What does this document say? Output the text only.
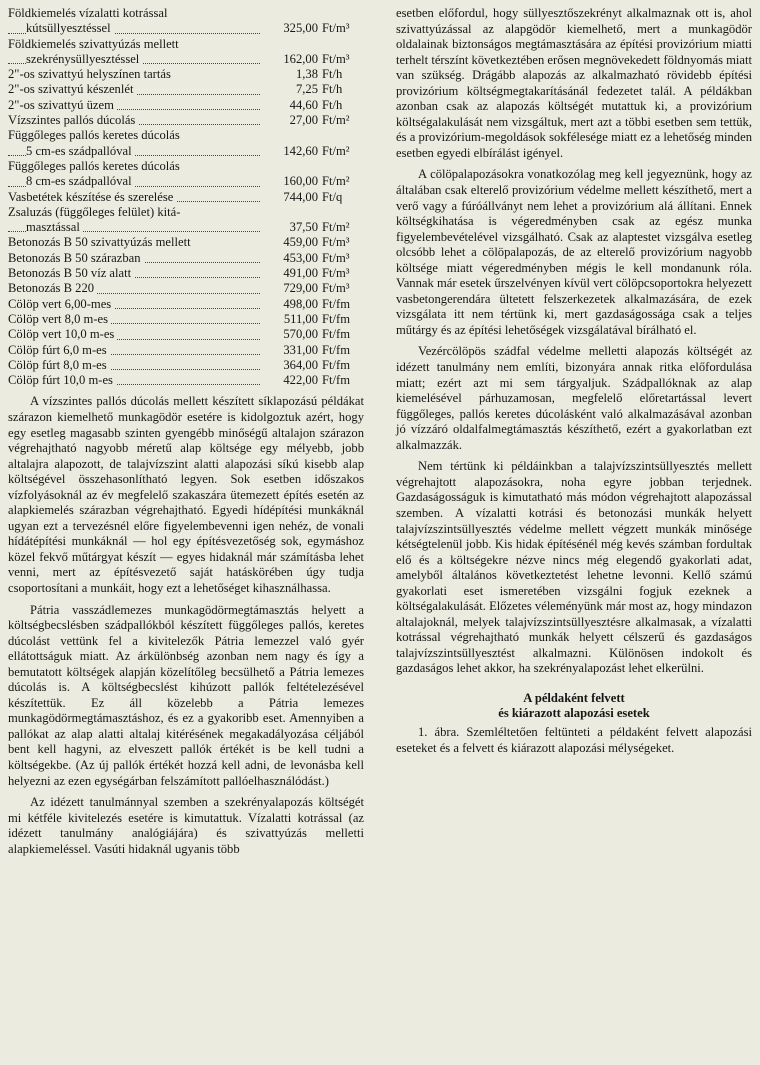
Földkiemelés vízalatti kotrással
kútsüllyesztéssel	325,00 Ft/m³
Földkiemelés szivattyúzás mellett
szekrénysüllyesztéssel	162,00 Ft/m³
2"-os szivattyú helyszínen tartás	1,38 Ft/h
2"-os szivattyú készenlét	7,25 Ft/h
2"-os szivattyú üzem	44,60 Ft/h
Vízszintes pallós dúcolás	27,00 Ft/m²
Függőleges pallós keretes dúcolás
5 cm-es szádpallóval	142,60 Ft/m²
Függőleges pallós keretes dúcolás
8 cm-es szádpallóval	160,00 Ft/m²
Vasbetétek készítése és szerelése	744,00 Ft/q
Zsaluzás (függőleges felület) kitá-
masztással	37,50 Ft/m²
Betonozás B 50 szivattyúzás mellett	459,00 Ft/m³
Betonozás B 50 szárazban	453,00 Ft/m³
Betonozás B 50 víz alatt	491,00 Ft/m³
Betonozás B 220	729,00 Ft/m³
Cölöp vert 6,00-mes	498,00 Ft/fm
Cölöp vert 8,0 m-es	511,00 Ft/fm
Cölöp vert 10,0 m-es	570,00 Ft/fm
Cölöp fúrt 6,0 m-es	331,00 Ft/fm
Cölöp fúrt 8,0 m-es	364,00 Ft/fm
Cölöp fúrt 10,0 m-es	422,00 Ft/fm

A vízszintes pallós dúcolás mellett készített síklapozású példákat szárazon kiemelhető munkagödör esetére is kidolgoztuk azért, hogy egy esetleg magasabb szinten gyengébb minőségű altalajon szárazon végrehajtható nagyobb méretű alap költsége egy mélyebb, jobb altalajra alapozott, de talajvízszint alatti alapozási síkú kisebb alap költségével összehasonlítható legyen. Sok esetben időszakos vízfolyásoknál az év megfelelő szakaszára ütemezett építés esetén az alapkiemelés szárazban végrehajtható. Egyedi hídépítési munkáknál ugyan ezt a tervezésnél előre figyelembevenni igen nehéz, de vonali hídátépítési munkáknál — hol egy építésvezetőség sok, egymáshoz közel fekvő műtárgyat készít — egyes hidaknál már számításba lehet venni, mert az építésvezető saját hatáskörében úgy tudja csoportosítani a munkáit, hogy ezt a lehetőséget kihasználhassa.

Pátria vasszádlemezes munkagödörmegtámasztás helyett a költségbecslésben szádpallókból készített függőleges pallós, keretes dúcolást vettünk fel a kivitelezők Pátria lemezzel való gyér ellátottságuk miatt. Az árkülönbség azonban nem nagy és így a bemutatott költségek alapján közelítőleg becsülhető a Pátria lemezes dúcolás is. A költségbecslést kihúzott pallók feltételezésével készítettük. Ez áll közelebb a Pátria lemezes munkagödörmegtámasztáshoz, és ez a gyakoribb eset. Amennyiben a pallókat az alap alatti altalaj kitérésének megakadályozása céljából bent kell hagyni, az elveszett pallók értékét is be kell tudni a költségekbe. (Az új pallók értékét hozzá kell adni, de levonásba kell helyezni az ezen egységárban felszámított pallóelhasználódást.)

Az idézett tanulmánnyal szemben a szekrényalapozás költségét mi kétféle kivitelezés esetére is kimutattuk. Vízalatti kotrással (az idézett tanulmány analógiájára) és szivattyúzás melletti alapkiemeléssel. Vasúti hidaknál ugyanis több

esetben előfordul, hogy süllyesztőszekrényt alkalmaznak ott is, ahol szivattyúzással az alapgödör kiemelhető, mert a munkagödör oldalainak biztonságos megtámasztására az építési provizórium miatti terhelt térszínt következtében erősen megnövekedett földnyomás miatt van szükség. Drágább alapozás az alkalmazható rövidebb építési provizórium költségmegtakarításánál fedezetet talál. A példákban azonban csak az alapozás költségét mutattuk ki, a provizórium költségalakulását nem vizsgáltuk, mert azt a többi esetben sem tettük, és a provizórium-megoldások sokfélesége miatt ez a lehetőség minden esetben egyedi elbírálást igényel.

A cölöpalapozásokra vonatkozólag meg kell jegyeznünk, hogy az általában csak elterelő provizórium védelme mellett készíthető, mert a verő vagy a fúróállványt nem lehet a provizórium alá állítani. Ennek költségkihatása is végeredményben csak az egész munka figyelembevételével vizsgálható. Csak az alaptestet vizsgálva esetleg olcsóbb lehet a cölöpalapozás, de az elterelő provizórium nagyobb költsége miatt végeredményben mégis le kell mondanunk róla. Vannak már esetek űrszelvényen kívül vert cölöpcsoportokra helyezett vasbetongerendára ültetett felszerkezetek alkalmazására, de ezek vizsgálata itt nem tértünk ki, mert gazdaságossága csak a teljes műtárgy és az építési lehetőségek vizsgálatával bírálható el.

Vezércölöpös szádfal védelme melletti alapozás költségét az idézett tanulmány nem említi, bizonyára annak ritka előfordulása miatt; ezért azt mi sem tárgyaljuk. Szádpallóknak az alap kiemelésével párhuzamosan, megfelelő előretartással levert függőleges, pallós keretes dúcolásként való alkalmazásával azonban jó vízzáró oldalfalmegtámasztás készíthető, ezért a gyakorlatban ezt alkalmazzák.

Nem tértünk ki példáinkban a talajvízszintsüllyesztés mellett végrehajtott alapozásokra, noha egyre jobban terjednek. Gazdaságosságuk is kimutatható más módon végrehajtott alapozással szemben. A vízalatti kotrási és betonozási munkák helyett talajvízszintsüllyesztés védelme mellett végzett munkák minősége kétségtelenül jobb. Kis hidak építésénél még kevés számban fordultak elő és a költségekre nézve nincs még elegendő gyakorlati adat, amelyből általános következtetést lehetne levonni. Kellő számú gyakorlati eset ismeretében vizsgálni fogjuk ezeknek a költségalakulását. Előzetes véleményünk már most az, hogy mindazon altalajoknál, melyek talajvízszintsüllyesztésre alkalmasak, a vízalatti kotrással végrehajtható munkák helyett célszerű és gazdaságos talajvízszintsüllyesztést alkalmazni. Különösen indokolt és gazdaságos lehet akkor, ha szekrényalapozást lehet elkerülni.

A példaként felvett
és kiárazott alapozási esetek

1. ábra. Szemléltetően feltünteti a példaként felvett alapozási eseteket és a felvett és kiárazott alapozási mélységeket.
